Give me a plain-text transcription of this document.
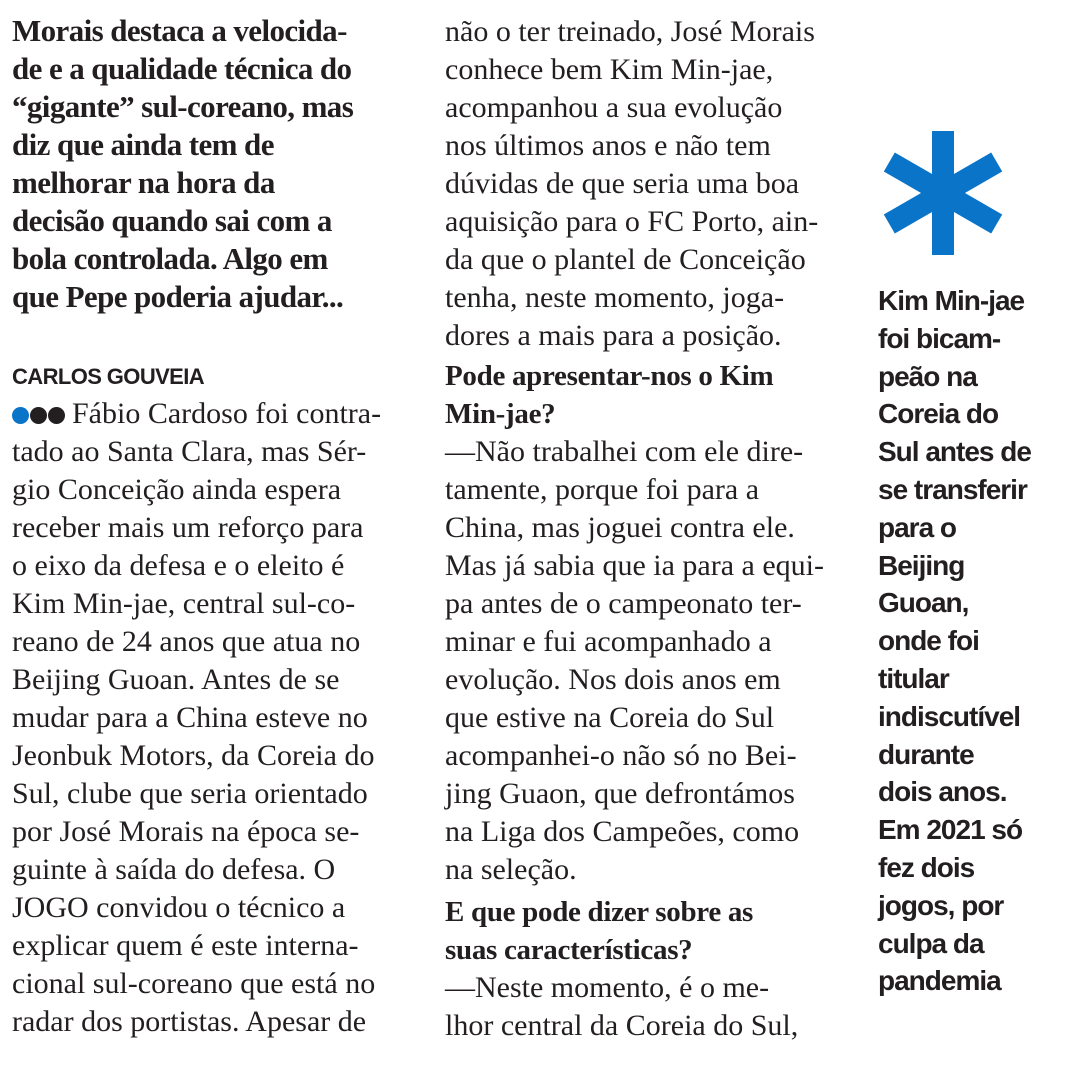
Morais destaca a velocida-
de e a qualidade técnica do
“gigante” sul-coreano, mas
diz que ainda tem de
melhorar na hora da
decisão quando sai com a
bola controlada. Algo em
que Pepe poderia ajudar...
CARLOS GOUVEIA
Fábio Cardoso foi contra-
tado ao Santa Clara, mas Sér-
gio Conceição ainda espera
receber mais um reforço para
o eixo da defesa e o eleito é
Kim Min-jae, central sul-co-
reano de 24 anos que atua no
Beijing Guoan. Antes de se
mudar para a China esteve no
Jeonbuk Motors, da Coreia do
Sul, clube que seria orientado
por José Morais na época se-
guinte à saída do defesa. O
JOGO convidou o técnico a
explicar quem é este interna-
cional sul-coreano que está no
radar dos portistas. Apesar de
não o ter treinado, José Morais
conhece bem Kim Min-jae,
acompanhou a sua evolução
nos últimos anos e não tem
dúvidas de que seria uma boa
aquisição para o FC Porto, ain-
da que o plantel de Conceição
tenha, neste momento, joga-
dores a mais para a posição.
Pode apresentar-nos o Kim
Min-jae?
—Não trabalhei com ele dire-
tamente, porque foi para a
China, mas joguei contra ele.
Mas já sabia que ia para a equi-
pa antes de o campeonato ter-
minar e fui acompanhado a
evolução. Nos dois anos em
que estive na Coreia do Sul
acompanhei-o não só no Bei-
jing Guaon, que defrontámos
na Liga dos Campeões, como
na seleção.
E que pode dizer sobre as
suas características?
—Neste momento, é o me-
lhor central da Coreia do Sul,
Kim Min-jae
foi bicam-
peão na
Coreia do
Sul antes de
se transferir
para o
Beijing
Guoan,
onde foi
titular
indiscutível
durante
dois anos.
Em 2021 só
fez dois
jogos, por
culpa da
pandemia
